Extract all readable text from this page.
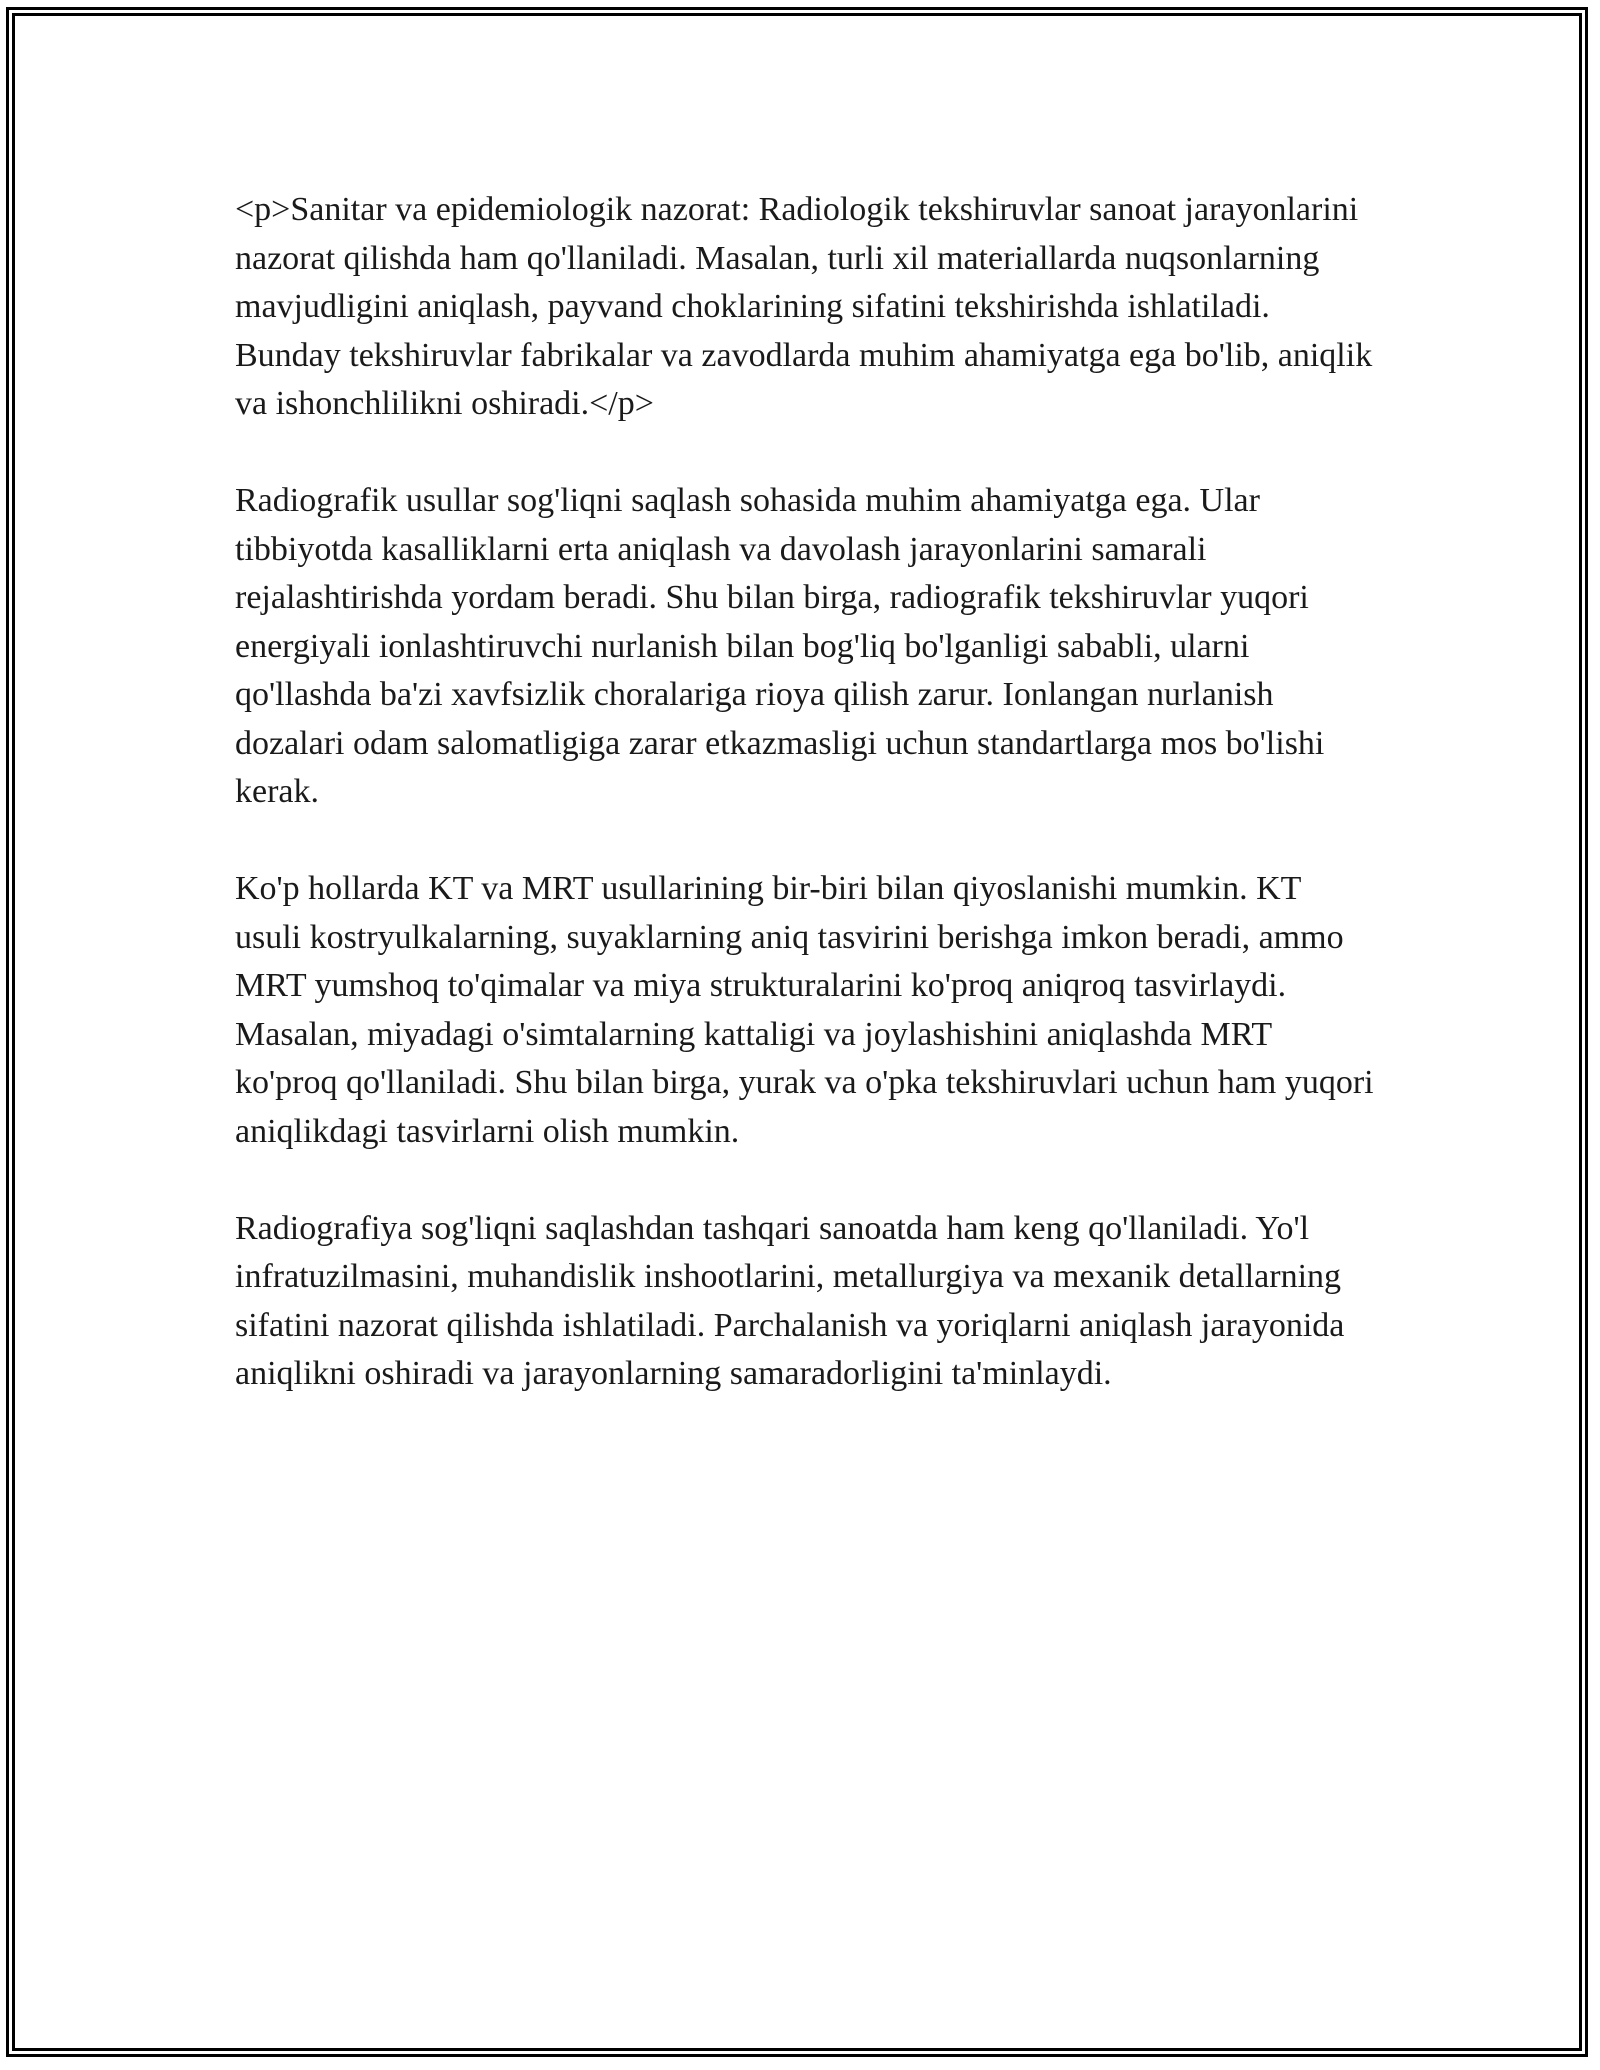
<p>Sanitar va epidemiologik nazorat: Radiologik tekshiruvlar sanoat jarayonlarini nazorat qilishda ham qo'llaniladi. Masalan, turli xil materiallarda nuqsonlarning mavjudligini aniqlash, payvand choklarining sifatini tekshirishda ishlatiladi. Bunday tekshiruvlar fabrikalar va zavodlarda muhim ahamiyatga ega bo'lib, aniqlik va ishonchlilikni oshiradi.</p>

Radiografik usullar sog'liqni saqlash sohasida muhim ahamiyatga ega. Ular tibbiyotda kasalliklarni erta aniqlash va davolash jarayonlarini samarali rejalashtirishda yordam beradi. Shu bilan birga, radiografik tekshiruvlar yuqori energiyali ionlashtiruvchi nurlanish bilan bog'liq bo'lganligi sababli, ularni qo'llashda ba'zi xavfsizlik choralariga rioya qilish zarur. Ionlangan nurlanish dozalari odam salomatligiga zarar etkazmasligi uchun standartlarga mos bo'lishi kerak.

Ko'p hollarda KT va MRT usullarining bir-biri bilan qiyoslanishi mumkin. KT usuli kostryulkalarning, suyaklarning aniq tasvirini berishga imkon beradi, ammo MRT yumshoq to'qimalar va miya strukturalarini ko'proq aniqroq tasvirlaydi. Masalan, miyadagi o'simtalarning kattaligi va joylashishini aniqlashda MRT ko'proq qo'llaniladi. Shu bilan birga, yurak va o'pka tekshiruvlari uchun ham yuqori aniqlikdagi tasvirlarni olish mumkin.

Radiografiya sog'liqni saqlashdan tashqari sanoatda ham keng qo'llaniladi. Yo'l infratuzilmasini, muhandislik inshootlarini, metallurgiya va mexanik detallarning sifatini nazorat qilishda ishlatiladi. Parchalanish va yoriqlarni aniqlash jarayonida aniqlikni oshiradi va jarayonlarning samaradorligini ta'minlaydi.
